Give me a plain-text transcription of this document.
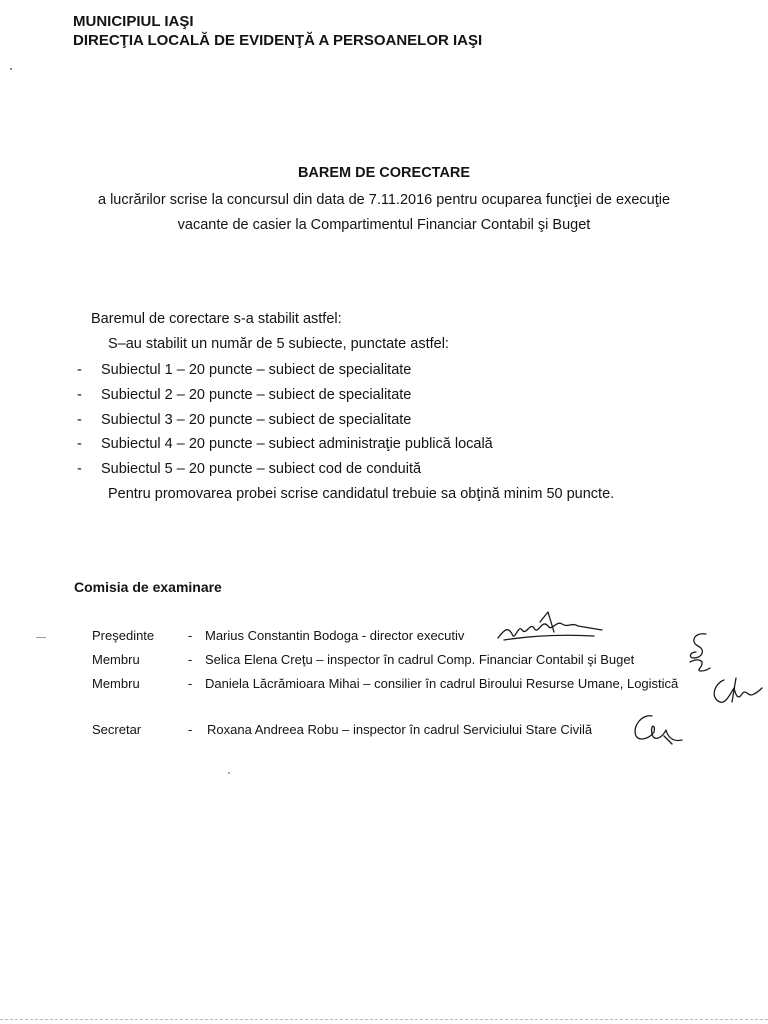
MUNICIPIUL IAŞI
DIRECŢIA LOCALĂ DE EVIDENŢĂ A PERSOANELOR IAŞI
BAREM DE CORECTARE
a lucrărilor scrise la concursul din data de 7.11.2016 pentru ocuparea funcţiei de execuţie
vacante de casier la Compartimentul Financiar Contabil şi Buget
Baremul de corectare s-a stabilit astfel:
S–au stabilit un număr de 5 subiecte, punctate astfel:
- Subiectul 1 – 20 puncte – subiect de specialitate
- Subiectul 2 – 20 puncte – subiect de specialitate
- Subiectul 3 – 20 puncte – subiect de specialitate
- Subiectul 4 – 20 puncte – subiect administraţie publică locală
- Subiectul 5 – 20 puncte – subiect cod de conduită
Pentru promovarea probei scrise candidatul trebuie sa obţină minim 50 puncte.
Comisia de examinare
Preşedinte	- Marius Constantin Bodoga - director executiv
Membru	- Selica Elena Creţu – inspector în cadrul Comp. Financiar Contabil şi Buget
Membru	- Daniela Lăcrămioara Mihai – consilier în cadrul Biroului Resurse Umane, Logistică
Secretar	- Roxana Andreea Robu – inspector în cadrul Serviciului Stare Civilă
